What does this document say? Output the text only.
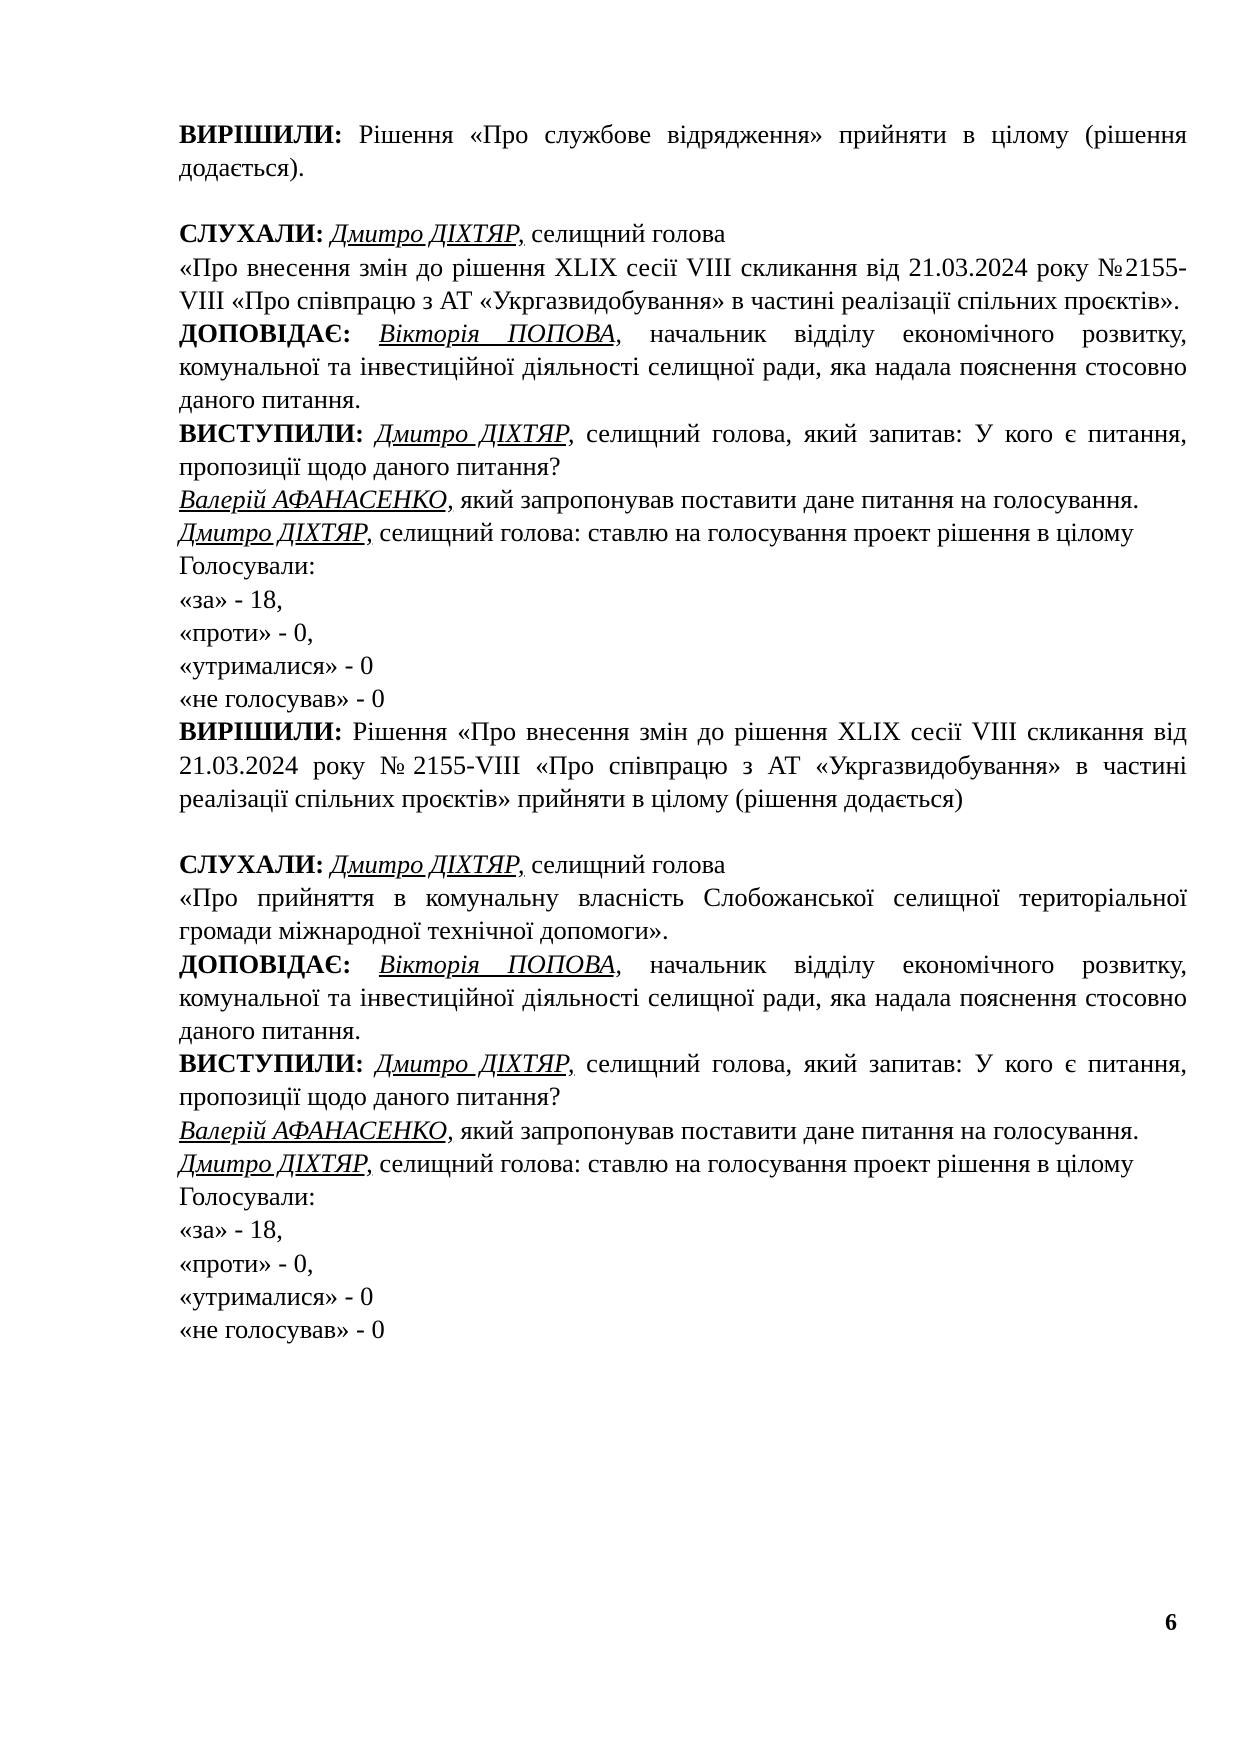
ВИРІШИЛИ: Рішення «Про службове відрядження» прийняти в цілому (рішення додається).

СЛУХАЛИ: Дмитро ДІХТЯР, селищний голова

«Про внесення змін до рішення XLIX сесії VIII скликання від 21.03.2024 року №2155-VIII «Про співпрацю з АТ «Укргазвидобування» в частині реалізації спільних проєктів».

ДОПОВІДАЄ: Вікторія ПОПОВА, начальник відділу економічного розвитку, комунальної та інвестиційної діяльності селищної ради, яка надала пояснення стосовно даного питання.

ВИСТУПИЛИ: Дмитро ДІХТЯР, селищний голова, який запитав: У кого є питання, пропозиції щодо даного питання?

Валерій АФАНАСЕНКО, який запропонував поставити дане питання на голосування.

Дмитро ДІХТЯР, селищний голова: ставлю на голосування проект рішення в цілому

Голосували:

«за» - 18,

«проти» - 0,

«утрималися» - 0

«не голосував» - 0

ВИРІШИЛИ: Рішення «Про внесення змін до рішення XLIX сесії VIII скликання від 21.03.2024 року №2155-VIII «Про співпрацю з АТ «Укргазвидобування» в частині реалізації спільних проєктів» прийняти в цілому (рішення додається)

СЛУХАЛИ: Дмитро ДІХТЯР, селищний голова

«Про прийняття в комунальну власність Слобожанської селищної територіальної громади міжнародної технічної допомоги».

ДОПОВІДАЄ: Вікторія ПОПОВА, начальник відділу економічного розвитку, комунальної та інвестиційної діяльності селищної ради, яка надала пояснення стосовно даного питання.

ВИСТУПИЛИ: Дмитро ДІХТЯР, селищний голова, який запитав: У кого є питання, пропозиції щодо даного питання?

Валерій АФАНАСЕНКО, який запропонував поставити дане питання на голосування.

Дмитро ДІХТЯР, селищний голова: ставлю на голосування проект рішення в цілому

Голосували:

«за» - 18,

«проти» - 0,

«утрималися» - 0

«не голосував» - 0

6
